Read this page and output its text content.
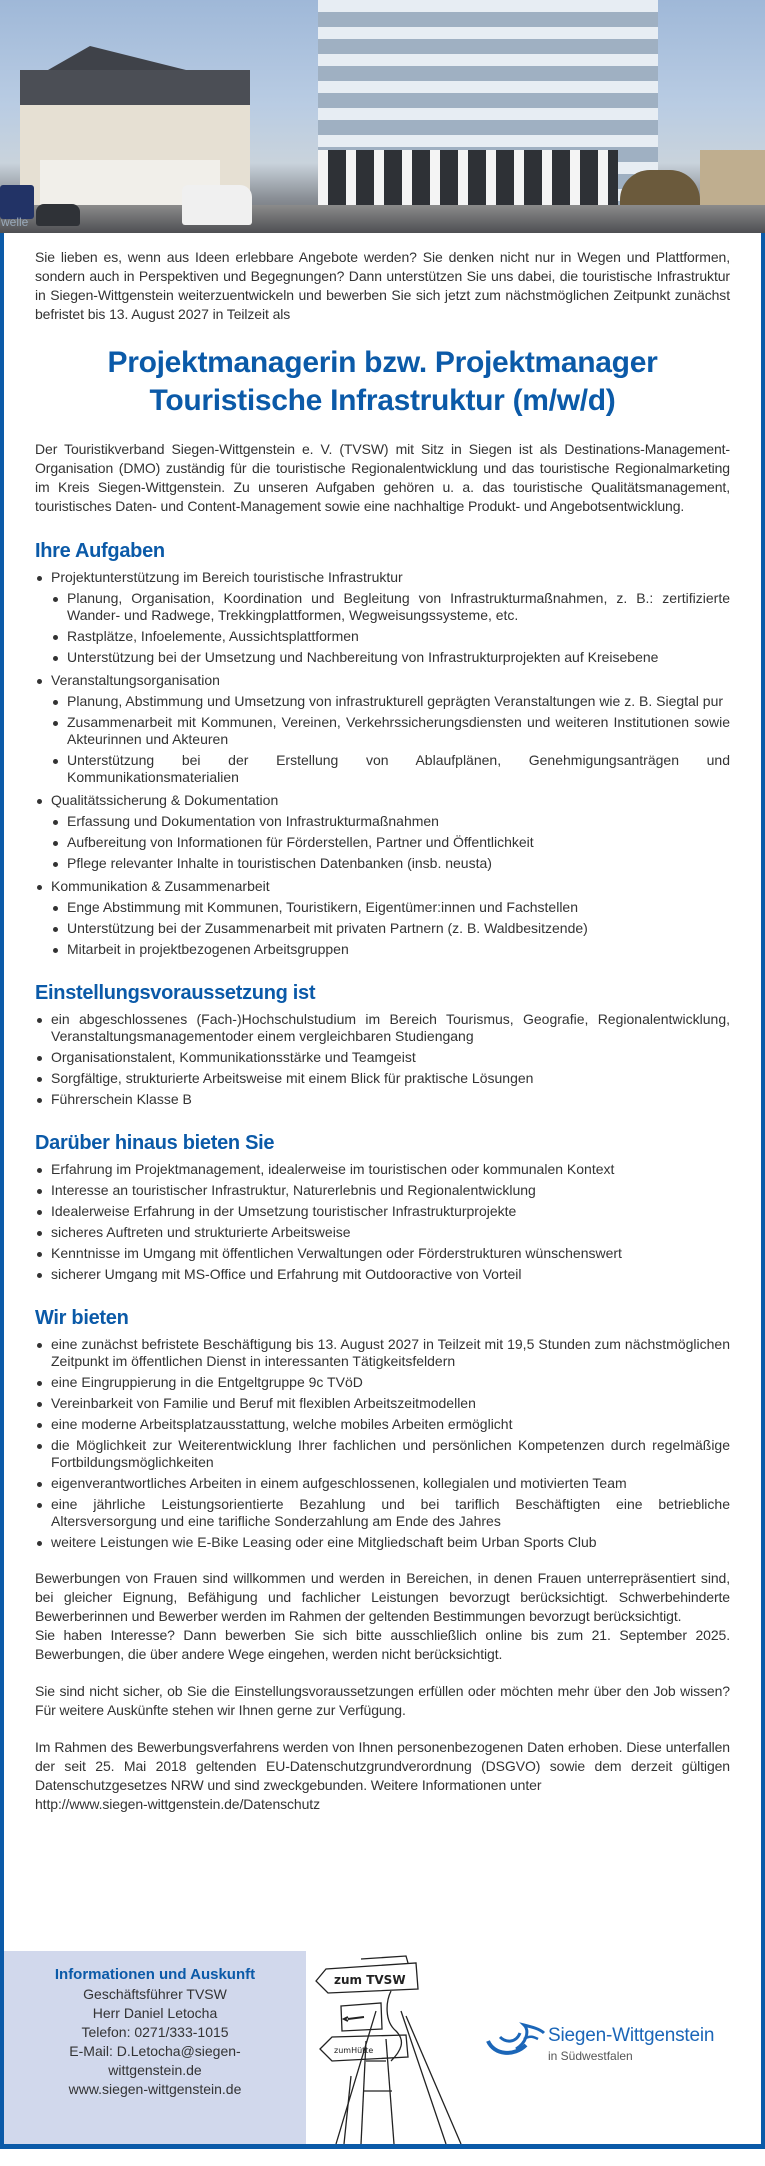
welle

Sie lieben es, wenn aus Ideen erlebbare Angebote werden? Sie denken nicht nur in Wegen und Plattformen, sondern auch in Perspektiven und Begegnungen? Dann unterstützen Sie uns dabei, die touristische Infrastruktur in Siegen-Wittgenstein weiterzuentwickeln und bewerben Sie sich jetzt zum nächstmöglichen Zeitpunkt zunächst befristet bis 13. August 2027 in Teilzeit als

Projektmanagerin bzw. Projektmanager
Touristische Infrastruktur (m/w/d)

Der Touristikverband Siegen-Wittgenstein e. V. (TVSW) mit Sitz in Siegen ist als Destinations-Management-Organisation (DMO) zuständig für die touristische Regionalentwicklung und das touristische Regionalmarketing im Kreis Siegen-Wittgenstein. Zu unseren Aufgaben gehören u. a. das touristische Qualitätsmanagement, touristisches Daten- und Content-Management sowie eine nachhaltige Produkt- und Angebotsentwicklung.

Ihre Aufgaben
Projektunterstützung im Bereich touristische Infrastruktur
Planung, Organisation, Koordination und Begleitung von Infrastrukturmaßnahmen, z. B.: zertifizierte Wander- und Radwege, Trekkingplattformen, Wegweisungssysteme, etc.
Rastplätze, Infoelemente, Aussichtsplattformen
Unterstützung bei der Umsetzung und Nachbereitung von Infrastrukturprojekten auf Kreisebene
Veranstaltungsorganisation
Planung, Abstimmung und Umsetzung von infrastrukturell geprägten Veranstaltungen wie z. B. Siegtal pur
Zusammenarbeit mit Kommunen, Vereinen, Verkehrssicherungsdiensten und weiteren Institutionen sowie Akteurinnen und Akteuren
Unterstützung bei der Erstellung von Ablaufplänen, Genehmigungsanträgen und Kommunikationsmaterialien
Qualitätssicherung & Dokumentation
Erfassung und Dokumentation von Infrastrukturmaßnahmen
Aufbereitung von Informationen für Förderstellen, Partner und Öffentlichkeit
Pflege relevanter Inhalte in touristischen Datenbanken (insb. neusta)
Kommunikation & Zusammenarbeit
Enge Abstimmung mit Kommunen, Touristikern, Eigentümer:innen und Fachstellen
Unterstützung bei der Zusammenarbeit mit privaten Partnern (z. B. Waldbesitzende)
Mitarbeit in projektbezogenen Arbeitsgruppen
Einstellungsvoraussetzung ist
ein abgeschlossenes (Fach-)Hochschulstudium im Bereich Tourismus, Geografie, Regionalentwicklung, Veranstaltungsmanagementoder einem vergleichbaren Studiengang
Organisationstalent, Kommunikationsstärke und Teamgeist
Sorgfältige, strukturierte Arbeitsweise mit einem Blick für praktische Lösungen
Führerschein Klasse B
Darüber hinaus bieten Sie
Erfahrung im Projektmanagement, idealerweise im touristischen oder kommunalen Kontext
Interesse an touristischer Infrastruktur, Naturerlebnis und Regionalentwicklung
Idealerweise Erfahrung in der Umsetzung touristischer Infrastrukturprojekte
sicheres Auftreten und strukturierte Arbeitsweise
Kenntnisse im Umgang mit öffentlichen Verwaltungen oder Förderstrukturen wünschenswert
sicherer Umgang mit MS-Office und Erfahrung mit Outdooractive von Vorteil
Wir bieten
eine zunächst befristete Beschäftigung bis 13. August 2027 in Teilzeit mit 19,5 Stunden zum nächstmöglichen Zeitpunkt im öffentlichen Dienst in interessanten Tätigkeitsfeldern
eine Eingruppierung in die Entgeltgruppe 9c TVöD
Vereinbarkeit von Familie und Beruf mit flexiblen Arbeitszeitmodellen
eine moderne Arbeitsplatzausstattung, welche mobiles Arbeiten ermöglicht
die Möglichkeit zur Weiterentwicklung Ihrer fachlichen und persönlichen Kompetenzen durch regelmäßige Fortbildungsmöglichkeiten
eigenverantwortliches Arbeiten in einem aufgeschlossenen, kollegialen und motivierten Team
eine jährliche Leistungsorientierte Bezahlung und bei tariflich Beschäftigten eine betriebliche Altersversorgung und eine tarifliche Sonderzahlung am Ende des Jahres
weitere Leistungen wie E-Bike Leasing oder eine Mitgliedschaft beim Urban Sports Club

Bewerbungen von Frauen sind willkommen und werden in Bereichen, in denen Frauen unterrepräsentiert sind, bei gleicher Eignung, Befähigung und fachlicher Leistungen bevorzugt berücksichtigt. Schwerbehinderte Bewerberinnen und Bewerber werden im Rahmen der geltenden Bestimmungen bevorzugt berücksichtigt.

Sie haben Interesse? Dann bewerben Sie sich bitte ausschließlich online bis zum 21. September 2025. Bewerbungen, die über andere Wege eingehen, werden nicht berücksichtigt.

Sie sind nicht sicher, ob Sie die Einstellungsvoraussetzungen erfüllen oder möchten mehr über den Job wissen? Für weitere Auskünfte stehen wir Ihnen gerne zur Verfügung.

Im Rahmen des Bewerbungsverfahrens werden von Ihnen personenbezogenen Daten erhoben. Diese unterfallen der seit 25. Mai 2018 geltenden EU-Datenschutzgrundverordnung (DSGVO) sowie dem derzeit gültigen Datenschutzgesetzes NRW und sind zweckgebunden. Weitere Informationen unter
http://www.siegen-wittgenstein.de/Datenschutz

Informationen und Auskunft
Geschäftsführer TVSW
Herr Daniel Letocha
Telefon: 0271/333-1015
E-Mail: D.Letocha@siegen-
wittgenstein.de
www.siegen-wittgenstein.de
zum TVSW
zumHütte
Siegen-Wittgenstein
in Südwestfalen
